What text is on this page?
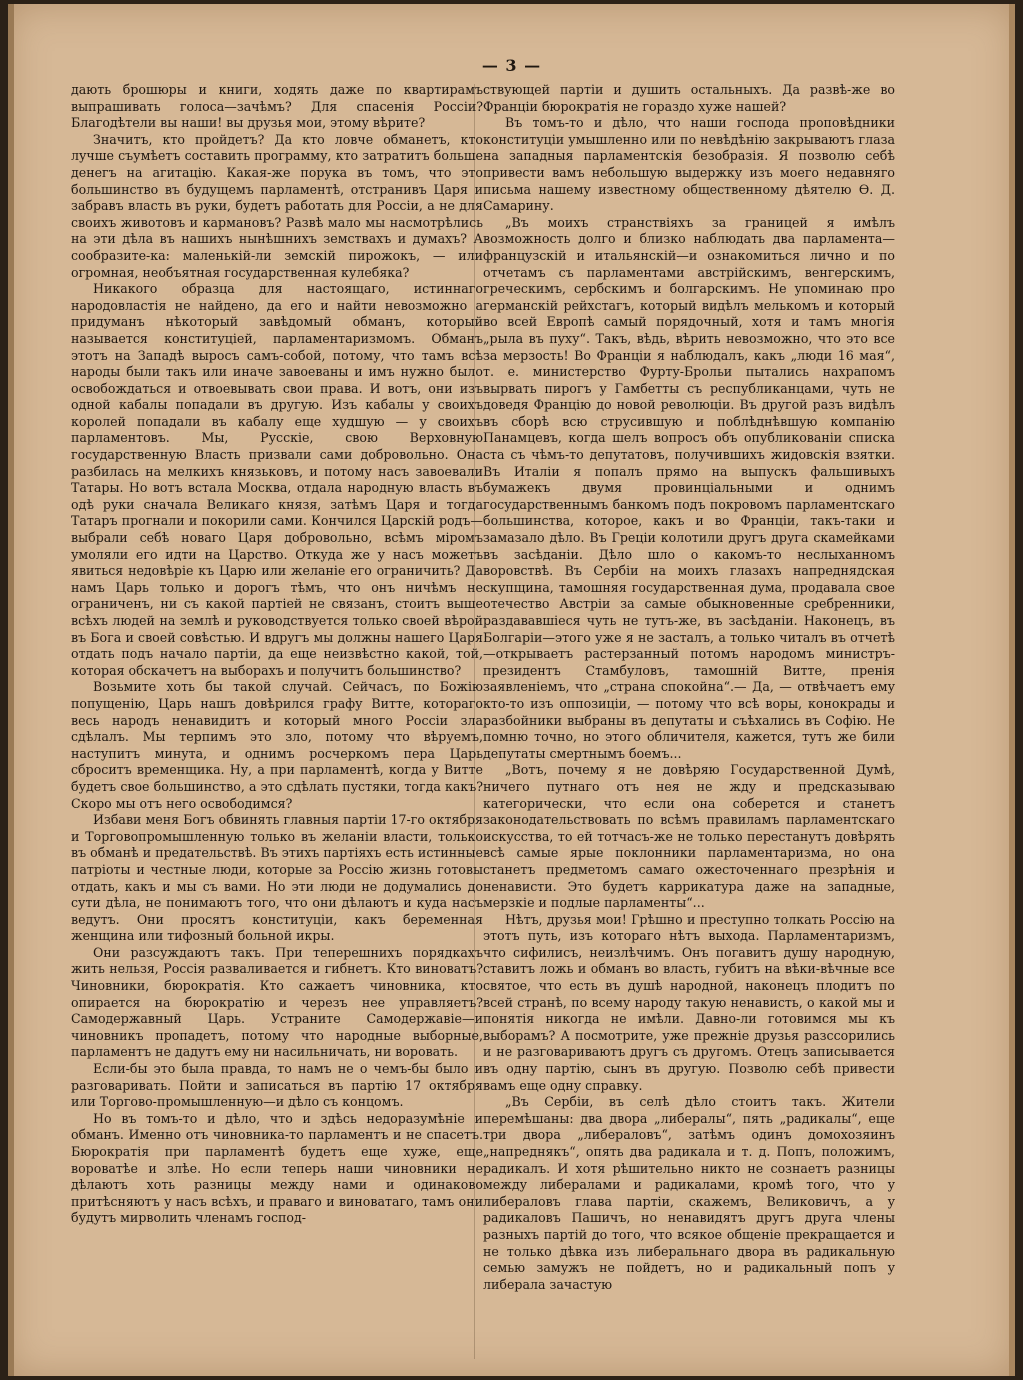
— 3 —

дають брошюры и книги, ходять даже по квартирамъ выпрашивать голоса—зачѣмъ? Для спасенія Россіи? Благодѣтели вы наши! вы друзья мои, этому вѣрите?

Значитъ, кто пройдетъ? Да кто ловче обманетъ, кто лучше съумѣетъ составить программу, кто затратитъ больше денегъ на агитацію. Какая-же порука въ томъ, что это большинство въ будущемъ парламентѣ, отстранивъ Царя и забравъ власть въ руки, будетъ работать для Россіи, а не для своихъ животовъ и кармановъ? Развѣ мало мы насмотрѣлись на эти дѣла въ нашихъ нынѣшнихъ земствахъ и думахъ? А сообразите-ка: маленькій-ли земскій пирожокъ, — или огромная, необъятная государственная кулебяка?

Никакого образца для настоящаго, истиннаго народовластія не найдено, да его и найти невозможно а придуманъ нѣкоторый завѣдомый обманъ, который называется конституціей, парламентаризмомъ. Обманъ этотъ на Западѣ выросъ самъ-собой, потому, что тамъ всѣ народы были такъ или иначе завоеваны и имъ нужно было освобождаться и отвоевывать свои права. И вотъ, они изъ одной кабалы попадали въ другую. Изъ кабалы у своихъ королей попадали въ кабалу еще худшую — у своихъ парламентовъ. Мы, Русскіе, свою Верховную государственную Власть призвали сами добровольно. Она разбилась на мелкихъ князьковъ, и потому насъ завоевали Татары. Но вотъ встала Москва, отдала народную власть въ одѣ руки сначала Великаго князя, затѣмъ Царя и тогда Татаръ прогнали и покорили сами. Кончился Царскій родъ— выбрали себѣ новаго Царя добровольно, всѣмъ міромъ умоляли его идти на Царство. Откуда же у насъ можетъ явиться недовѣріе къ Царю или желаніе его ограничить? Да намъ Царь только и дорогъ тѣмъ, что онъ ничѣмъ не ограниченъ, ни съ какой партіей не связанъ, стоитъ выше всѣхъ людей на землѣ и руководствуется только своей вѣрой въ Бога и своей совѣстью. И вдругъ мы должны нашего Царя отдать подъ начало партіи, да еще неизвѣстно какой, той, которая обскачетъ на выборахъ и получитъ большинство?

Возьмите хоть бы такой случай. Сейчасъ, по Божію попущенію, Царь нашъ довѣрился графу Витте, котораго весь народъ ненавидитъ и который много Россіи зла сдѣлалъ. Мы терпимъ это зло, потому что вѣруемъ, наступитъ минута, и однимъ росчеркомъ пера Царь сброситъ временщика. Ну, а при парламентѣ, когда у Витте будетъ свое большинство, а это сдѣлать пустяки, тогда какъ? Скоро мы отъ него освободимся?

Избави меня Богъ обвинять главныя партіи 17-го октября и Торговопромышленную только въ желаніи власти, только въ обманѣ и предательствѣ. Въ этихъ партіяхъ есть истинные патріоты и честные люди, которые за Россію жизнь готовы отдать, какъ и мы съ вами. Но эти люди не додумались до сути дѣла, не понимаютъ того, что они дѣлаютъ и куда насъ ведутъ. Они просятъ конституціи, какъ беременная женщина или тифозный больной икры.

Они разсуждаютъ такъ. При теперешнихъ порядкахъ жить нельзя, Россія разваливается и гибнетъ. Кто виноватъ? Чиновники, бюрократія. Кто сажаетъ чиновника, кто опирается на бюрократію и черезъ нее управляетъ? Самодержавный Царь. Устраните Самодержавіе—и чиновникъ пропадетъ, потому что народные выборные, парламентъ не дадутъ ему ни насильничать, ни воровать.

Если-бы это была правда, то намъ не о чемъ-бы было и разговаривать. Пойти и записаться въ партію 17 октября или Торгово-промышленную—и дѣло съ концомъ.

Но въ томъ-то и дѣло, что и здѣсь недоразумѣніе и обманъ. Именно отъ чиновника-то парламентъ и не спасетъ. Бюрократія при парламентѣ будетъ еще хуже, еще вороватѣе и злѣе. Но если теперь наши чиновники не дѣлаютъ хоть разницы между нами и одинаково притѣсняютъ у насъ всѣхъ, и праваго и виноватаго, тамъ они будутъ мирволить членамъ господ-

ствующей партіи и душить остальныхъ. Да развѣ-же во Франціи бюрократія не гораздо хуже нашей?

Въ томъ-то и дѣло, что наши господа проповѣдники конституціи умышленно или по невѣдѣнію закрываютъ глаза на западныя парламентскія безобразія. Я позволю себѣ привести вамъ небольшую выдержку изъ моего недавняго письма нашему известному общественному дѣятелю Ѳ. Д. Самарину.

„Въ моихъ странствіяхъ за границей я имѣлъ возможность долго и близко наблюдать два парламента— французскій и итальянскій—и ознакомиться лично и по отчетамъ съ парламентами австрійскимъ, венгерскимъ, греческимъ, сербскимъ и болгарскимъ. Не упоминаю про германскій рейхстагъ, который видѣлъ мелькомъ и который во всей Европѣ самый порядочный, хотя и тамъ многія „рыла въ пуху“. Такъ, вѣдь, вѣрить невозможно, что это все за мерзость! Во Франціи я наблюдалъ, какъ „люди 16 мая“, т. е. министерство Фурту-Брольи пытались нахрапомъ вырвать пирогъ у Гамбетты съ республиканцами, чуть не доведя Францію до новой революціи. Въ другой разъ видѣлъ въ сборѣ всю струсившую и поблѣднѣвшую компанію Панамцевъ, когда шелъ вопросъ объ опубликованіи списка ста съ чѣмъ-то депутатовъ, получившихъ жидовскія взятки. Въ Италіи я попалъ прямо на выпускъ фальшивыхъ бумажекъ двумя провинціальными и однимъ государственнымъ банкомъ подъ покровомъ парламентскаго большинства, которое, какъ и во Франціи, такъ-таки и замазало дѣло. Въ Греціи колотили другъ друга скамейками въ засѣданіи. Дѣло шло о какомъ-то неслыханномъ воровствѣ. Въ Сербіи на моихъ глазахъ напреднядская скупщина, тамошняя государственная дума, продавала свое отечество Австріи за самые обыкновенные сребренники, раздававшіеся чуть не тутъ-же, въ засѣданіи. Наконецъ, въ Болгаріи—этого уже я не засталъ, а только читалъ въ отчетѣ—открываетъ растерзанный потомъ народомъ министръ-президентъ Стамбуловъ, тамошній Витте, пренія заявленіемъ, что „страна спокойна“.— Да, — отвѣчаетъ ему кто-то изъ оппозиціи, — потому что всѣ воры, конокрады и разбойники выбраны въ депутаты и съѣхались въ Софію. Не помню точно, но этого обличителя, кажется, тутъ же били депутаты смертнымъ боемъ...

„Вотъ, почему я не довѣряю Государственной Думѣ, ничего путнаго отъ нея не жду и предсказываю категорически, что если она соберется и станетъ законодательствовать по всѣмъ правиламъ парламентскаго искусства, то ей тотчасъ-же не только перестанутъ довѣрять всѣ самые ярые поклонники парламентаризма, но она станетъ предметомъ самаго ожесточеннаго презрѣнія и ненависти. Это будетъ каррикатура даже на западные, мерзкіе и подлые парламенты“...

Нѣтъ, друзья мои! Грѣшно и преступно толкать Россію на этотъ путь, изъ котораго нѣтъ выхода. Парламентаризмъ, что сифилисъ, неизлѣчимъ. Онъ погавитъ душу народную, ставитъ ложь и обманъ во власть, губитъ на вѣки-вѣчные все святое, что есть въ душѣ народной, наконецъ плодитъ по всей странѣ, по всему народу такую ненависть, о какой мы и понятія никогда не имѣли. Давно-ли готовимся мы къ выборамъ? А посмотрите, уже прежніе друзья разссорились и не разговариваютъ другъ съ другомъ. Отецъ записывается въ одну партію, сынъ въ другую. Позволю себѣ привести вамъ еще одну справку.

„Въ Сербіи, въ селѣ дѣло стоитъ такъ. Жители перемѣшаны: два двора „либералы“, пять „радикалы“, еще три двора „либераловъ“, затѣмъ одинъ домохозяинъ „напреднякъ“, опять два радикала и т. д. Попъ, положимъ, радикалъ. И хотя рѣшительно никто не сознаетъ разницы между либералами и радикалами, кромѣ того, что у либераловъ глава партіи, скажемъ, Великовичъ, а у радикаловъ Пашичъ, но ненавидятъ другъ друга члены разныхъ партій до того, что всякое общеніе прекращается и не только дѣвка изъ либеральнаго двора въ радикальную семью замужъ не пойдетъ, но и радикальный попъ у либерала зачастую
